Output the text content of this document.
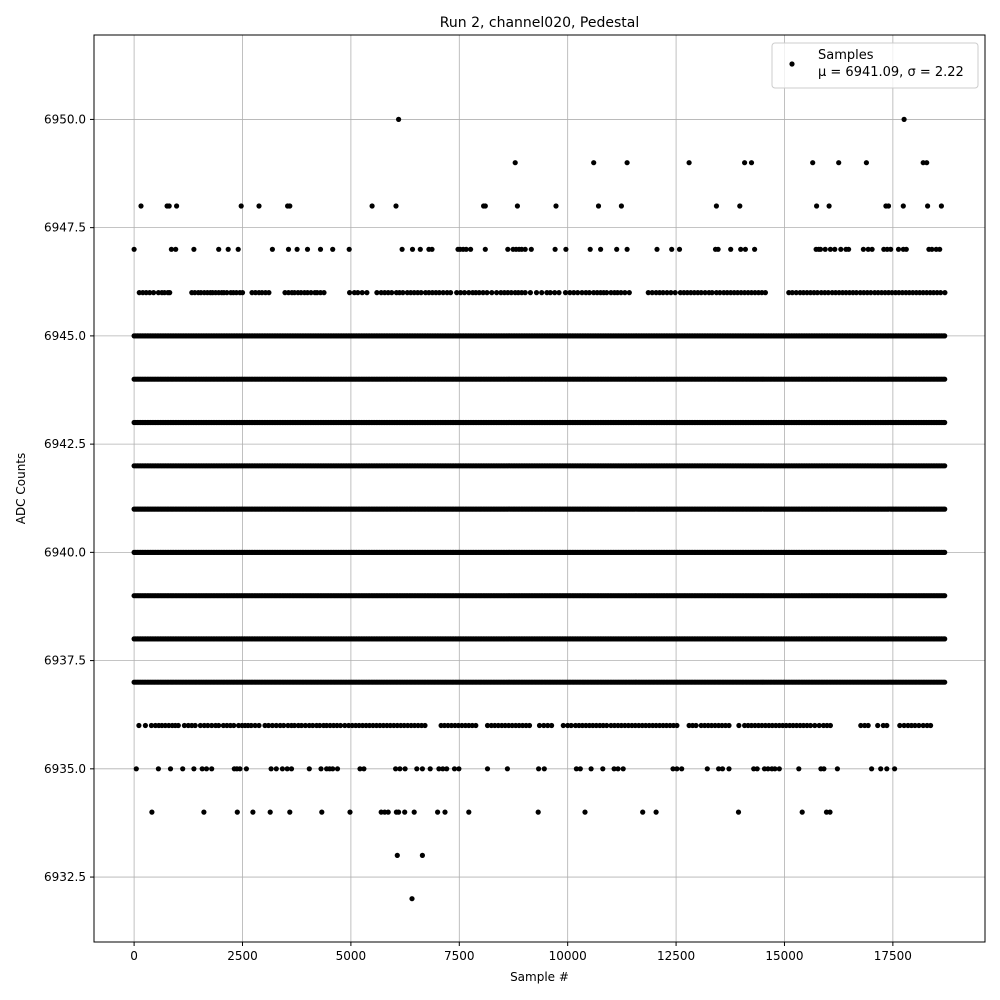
0	2500	5000	7500	10000	12500	15000	17500
6932.5
6935.0
6937.5
6940.0
6942.5
6945.0
6947.5
6950.0
Run 2, channel020, Pedestal
Sample #
ADC Counts
Samples
μ = 6941.09, σ = 2.22
